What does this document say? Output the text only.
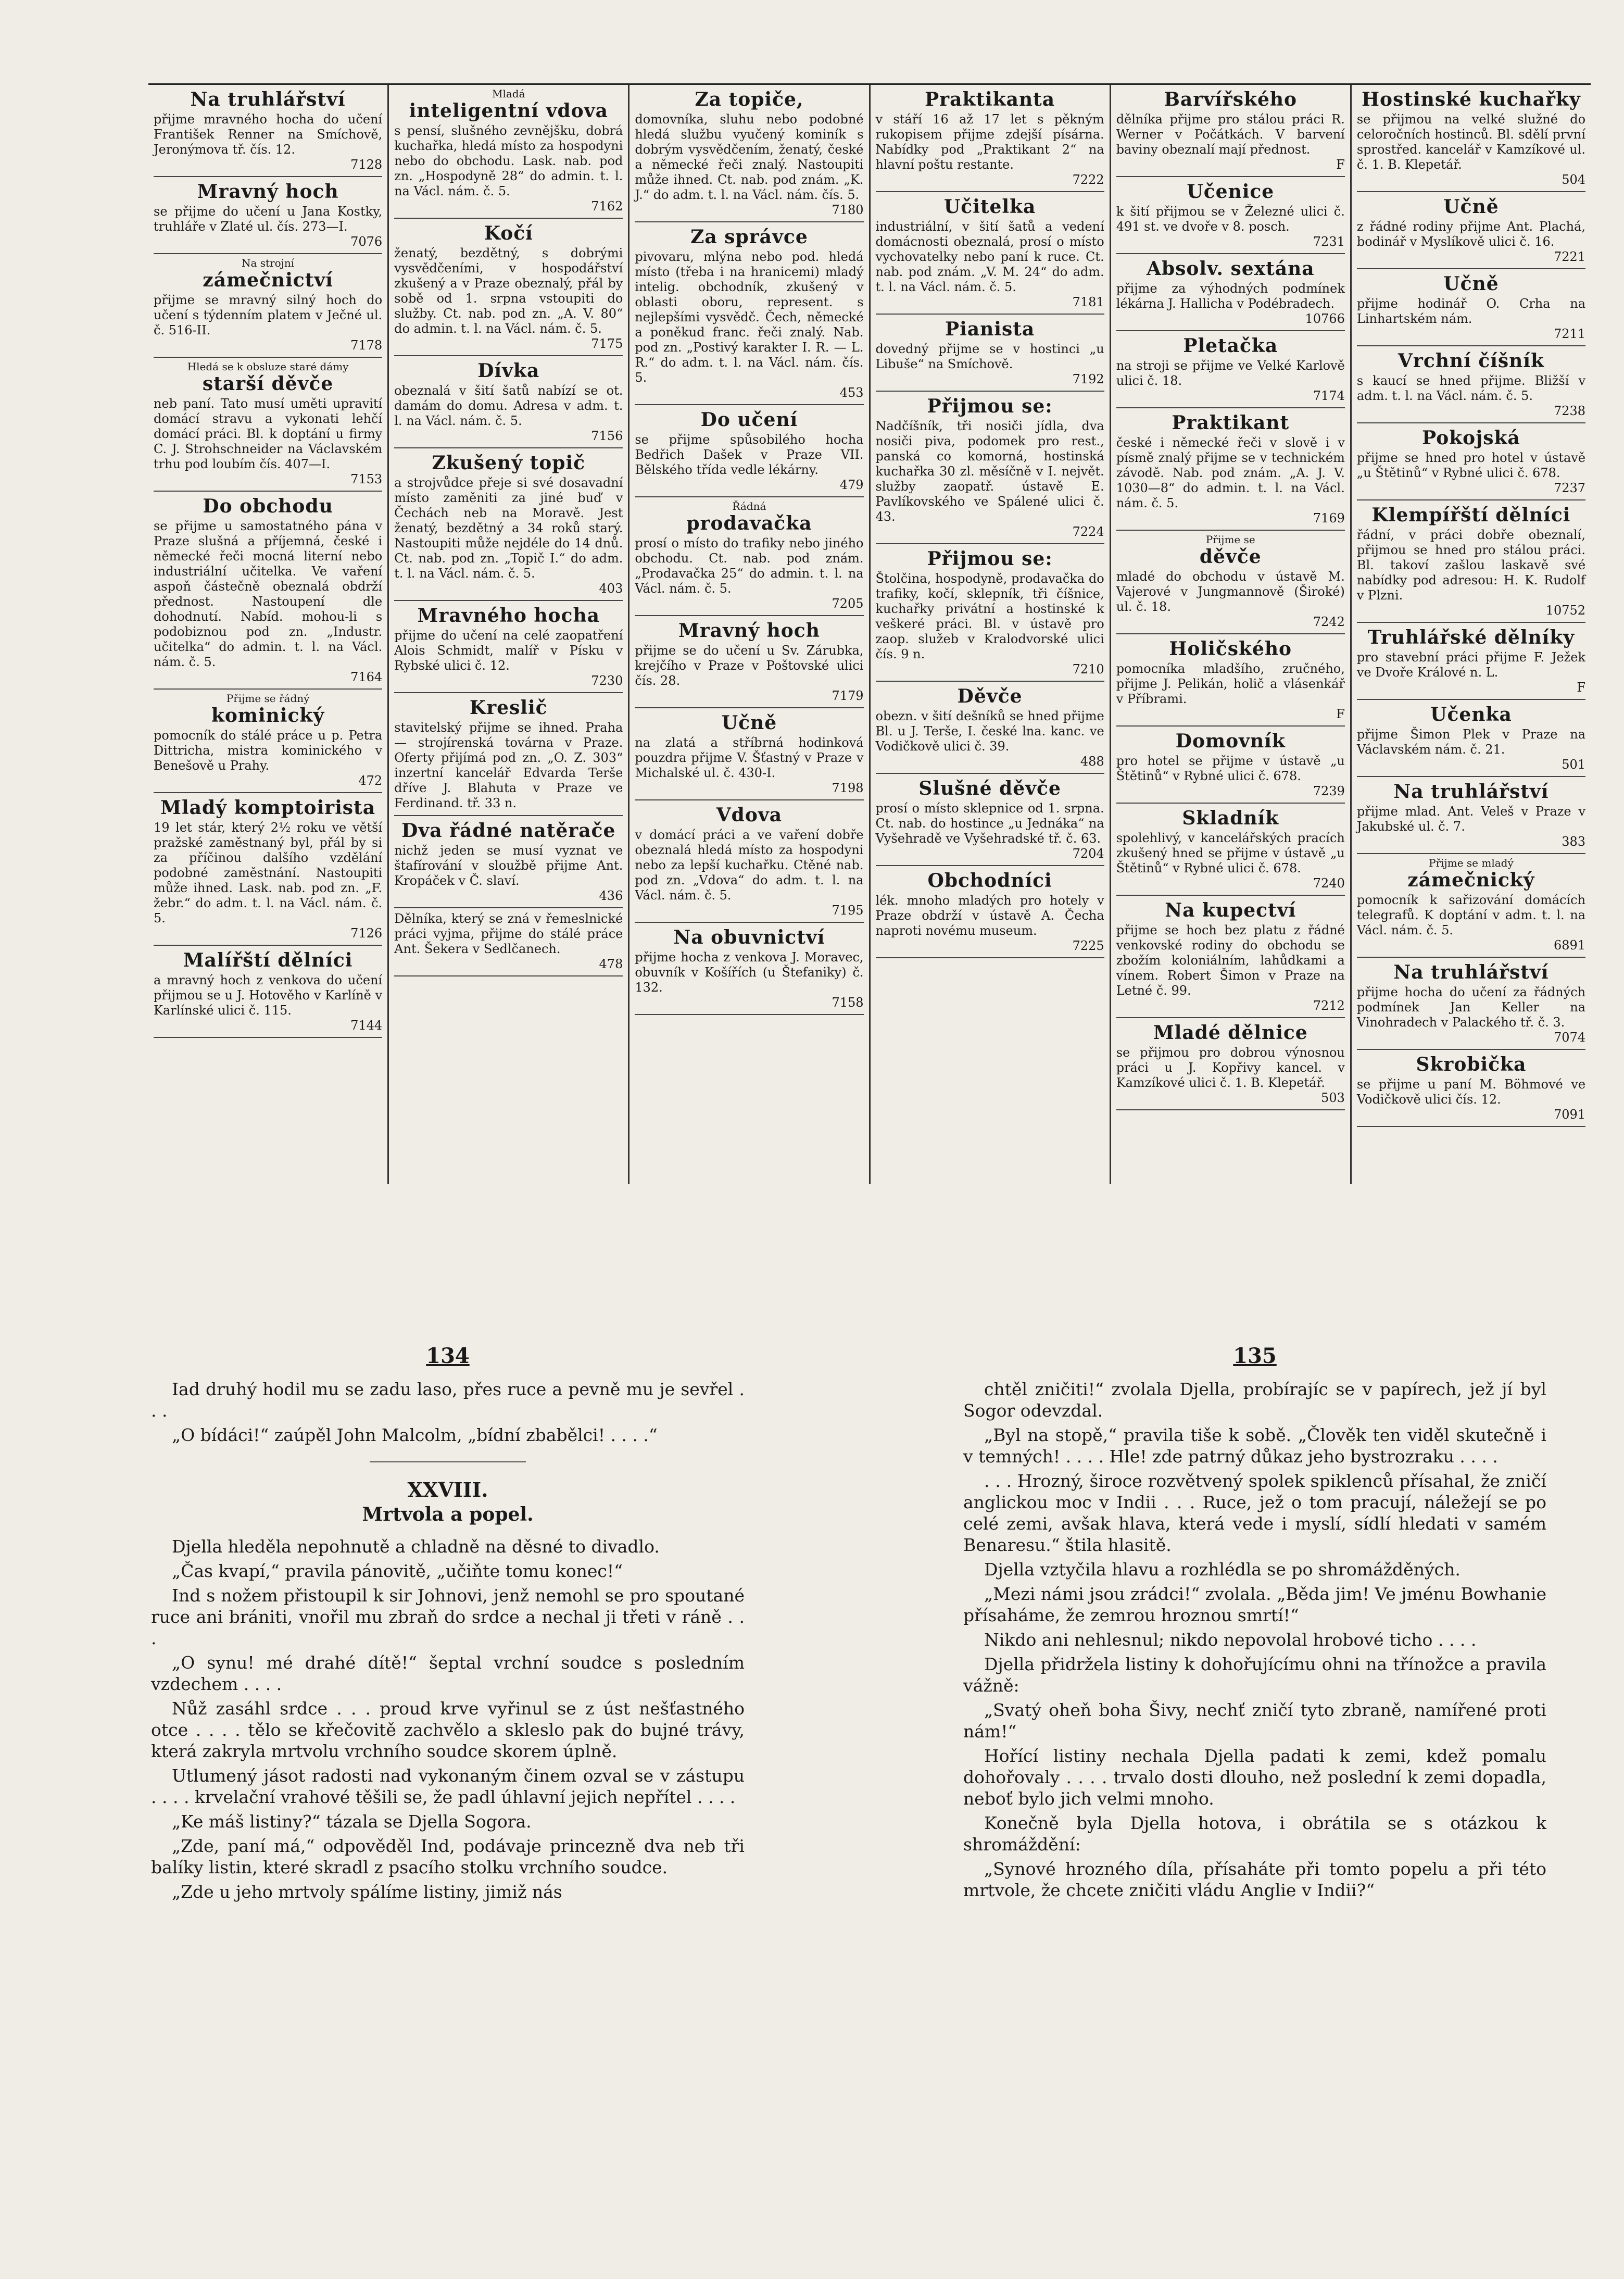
Na truhlářství

přijme mravného hocha do učení František Renner na Smíchově, Jeronýmova tř. čís. 12.

7128
Mravný hoch

se přijme do učení u Jana Kostky, truhláře v Zlaté ul. čís. 273—I.

7076
Na strojní
zámečnictví

přijme se mravný silný hoch do učení s týdenním platem v Ječné ul. č. 516-II.

7178
Hledá se k obsluze staré dámy
starší děvče

neb paní. Tato musí uměti upravití domácí stravu a vykonati lehčí domácí práci. Bl. k doptání u firmy C. J. Strohschneider na Václavském trhu pod loubím čís. 407—I.

7153
Do obchodu

se přijme u samostatného pána v Praze slušná a příjemná, české i německé řeči mocná literní nebo industriální učitelka. Ve vaření aspoň částečně obeznalá obdrží přednost. Nastoupení dle dohodnutí. Nabíd. mohou-li s podobiznou pod zn. „Industr. učitelka“ do admin. t. l. na Václ. nám. č. 5.

7164
Přijme se řádný
kominický

pomocník do stálé práce u p. Petra Dittricha, mistra kominického v Benešově u Prahy.

472
Mladý komptoirista

19 let stár, který 2½ roku ve větší pražské zaměstnaný byl, přál by si za příčinou dalšího vzdělání podobné zaměstnání. Nastoupiti může ihned. Lask. nab. pod zn. „F. žebr.“ do adm. t. l. na Václ. nám. č. 5.

7126
Malířští dělníci

a mravný hoch z venkova do učení přijmou se u J. Hotověho v Karlíně v Karlínské ulici č. 115.

7144
Mladá
inteligentní vdova

s pensí, slušného zevnějšku, dobrá kuchařka, hledá místo za hospodyni nebo do obchodu. Lask. nab. pod zn. „Hospodyně 28“ do admin. t. l. na Václ. nám. č. 5.

7162
Kočí

ženatý, bezdětný, s dobrými vysvědčeními, v hospodářství zkušený a v Praze obeznalý, přál by sobě od 1. srpna vstoupiti do služby. Ct. nab. pod zn. „A. V. 80“ do admin. t. l. na Václ. nám. č. 5.

7175
Dívka

obeznalá v šití šatů nabízí se ot. damám do domu. Adresa v adm. t. l. na Václ. nám. č. 5.

7156
Zkušený topič

a strojvůdce přeje si své dosavadní místo zaměniti za jiné buď v Čechách neb na Moravě. Jest ženatý, bezdětný a 34 roků starý. Nastoupiti může nejdéle do 14 dnů. Ct. nab. pod zn. „Topič I.“ do adm. t. l. na Václ. nám. č. 5.

403
Mravného hocha

přijme do učení na celé zaopatření Alois Schmidt, malíř v Písku v Rybské ulici č. 12.

7230
Kreslič

stavitelský přijme se ihned. Praha — strojírenská továrna v Praze. Oferty přijímá pod zn. „O. Z. 303“ inzertní kancelář Edvarda Terše dříve J. Blahuta v Praze ve Ferdinand. tř. 33 n.

Dva řádné natěrače

nichž jeden se musí vyznat ve štafírování v sloužbě přijme Ant. Kropáček v Č. slaví.

436

Dělníka, který se zná v řemeslnické práci vyjma, přijme do stálé práce Ant. Šekera v Sedlčanech.

478
Za topiče,

domovníka, sluhu nebo podobné hledá službu vyučený kominík s dobrým vysvědčením, ženatý, české a německé řeči znalý. Nastoupiti může ihned. Ct. nab. pod znám. „K. J.“ do adm. t. l. na Václ. nám. čís. 5.

7180
Za správce

pivovaru, mlýna nebo pod. hledá místo (třeba i na hranicemi) mladý intelig. obchodník, zkušený v oblasti oboru, represent. s nejlepšími vysvědč. Čech, německé a poněkud franc. řeči znalý. Nab. pod zn. „Postivý karakter I. R. — L. R.“ do adm. t. l. na Václ. nám. čís. 5.

453
Do učení

se přijme spůsobilého hocha Bedřich Dašek v Praze VII. Bělského třída vedle lékárny.

479
Řádná
prodavačka

prosí o místo do trafiky nebo jiného obchodu. Ct. nab. pod znám. „Prodavačka 25“ do admin. t. l. na Václ. nám. č. 5.

7205
Mravný hoch

přijme se do učení u Sv. Zárubka, krejčího v Praze v Poštovské ulici čís. 28.

7179
Učně

na zlatá a stříbrná hodinková pouzdra přijme V. Šťastný v Praze v Michalské ul. č. 430-I.

7198
Vdova

v domácí práci a ve vaření dobře obeznalá hledá místo za hospodyni nebo za lepší kuchařku. Ctěné nab. pod zn. „Vdova“ do adm. t. l. na Václ. nám. č. 5.

7195
Na obuvnictví

přijme hocha z venkova J. Moravec, obuvník v Košířích (u Štefaniky) č. 132.

7158
Praktikanta

v stáří 16 až 17 let s pěkným rukopisem přijme zdejší písárna. Nabídky pod „Praktikant 2“ na hlavní poštu restante.

7222
Učitelka

industriální, v šití šatů a vedení domácnosti obeznalá, prosí o místo vychovatelky nebo paní k ruce. Ct. nab. pod znám. „V. M. 24“ do adm. t. l. na Václ. nám. č. 5.

7181
Pianista

dovedný přijme se v hostinci „u Libuše“ na Smíchově.

7192
Přijmou se:

Nadčíšník, tři nosiči jídla, dva nosiči piva, podomek pro rest., panská co komorná, hostinská kuchařka 30 zl. měsíčně v I. největ. služby zaopatř. ústavě E. Pavlíkovského ve Spálené ulici č. 43.

7224
Přijmou se:

Štolčina, hospodyně, prodavačka do trafiky, kočí, sklepník, tři číšnice, kuchařky privátní a hostinské k veškeré práci. Bl. v ústavě pro zaop. služeb v Kralodvorské ulici čís. 9 n.

7210
Děvče

obezn. v šití dešníků se hned přijme Bl. u J. Terše, I. české lna. kanc. ve Vodičkově ulici č. 39.

488
Slušné děvče

prosí o místo sklepnice od 1. srpna. Ct. nab. do hostince „u Jednáka“ na Vyšehradě ve Vyšehradské tř. č. 63.

7204
Obchodníci

lék. mnoho mladých pro hotely v Praze obdrží v ústavě A. Čecha naproti novému museum.

7225
Barvířského

dělníka přijme pro stálou práci R. Werner v Počátkách. V barvení baviny obeznalí mají přednost.

F
Učenice

k šití přijmou se v Železné ulici č. 491 st. ve dvoře v 8. posch.

7231
Absolv. sextána

přijme za výhodných podmínek lékárna J. Hallicha v Podébradech.

10766
Pletačka

na stroji se přijme ve Velké Karlově ulici č. 18.

7174
Praktikant

české i německé řeči v slově i v písmě znalý přijme se v technickém závodě. Nab. pod znám. „A. J. V. 1030—8“ do admin. t. l. na Václ. nám. č. 5.

7169
Přijme se
děvče

mladé do obchodu v ústavě M. Vajerové v Jungmannově (Široké) ul. č. 18.

7242
Holičského

pomocníka mladšího, zručného, přijme J. Pelikán, holič a vlásenkář v Příbrami.

F
Domovník

pro hotel se přijme v ústavě „u Štětinů“ v Rybné ulici č. 678.

7239
Skladník

spolehlivý, v kancelářských pracích zkušený hned se přijme v ústavě „u Štětinů“ v Rybné ulici č. 678.

7240
Na kupectví

přijme se hoch bez platu z řádné venkovské rodiny do obchodu se zbožím koloniálním, lahůdkami a vínem. Robert Šimon v Praze na Letné č. 99.

7212
Mladé dělnice

se přijmou pro dobrou výnosnou práci u J. Kopřivy kancel. v Kamzíkové ulici č. 1. B. Klepetář.

503
Hostinské kuchařky

se přijmou na velké služné do celoročních hostinců. Bl. sdělí první sprostřed. kancelář v Kamzíkové ul. č. 1. B. Klepetář.

504
Učně

z řádné rodiny přijme Ant. Plachá, bodinář v Myslíkově ulici č. 16.

7221
Učně

přijme hodinář O. Crha na Linhartském nám.

7211
Vrchní číšník

s kaucí se hned přijme. Bližší v adm. t. l. na Václ. nám. č. 5.

7238
Pokojská

přijme se hned pro hotel v ústavě „u Štětinů“ v Rybné ulici č. 678.

7237
Klempířští dělníci

řádní, v práci dobře obeznalí, přijmou se hned pro stálou práci. Bl. takoví zašlou laskavě své nabídky pod adresou: H. K. Rudolf v Plzni.

10752
Truhlářské dělníky

pro stavební práci přijme F. Ježek ve Dvoře Králové n. L.

F
Učenka

přijme Šimon Plek v Praze na Václavském nám. č. 21.

501
Na truhlářství

přijme mlad. Ant. Veleš v Praze v Jakubské ul. č. 7.

383
Přijme se mladý
zámečnický

pomocník k sařizování domácích telegrafů. K doptání v adm. t. l. na Václ. nám. č. 5.

6891
Na truhlářství

přijme hocha do učení za řádných podmínek Jan Keller na Vinohradech v Palackého tř. č. 3.

7074
Skrobička

se přijme u paní M. Böhmové ve Vodičkově ulici čís. 12.

7091
134

Iad druhý hodil mu se zadu laso, přes ruce a pevně mu je sevřel . . .

„O bídáci!“ zaúpěl John Malcolm, „bídní zbabělci! . . . .“

XXVIII.
Mrtvola a popel.

Djella hleděla nepohnutě a chladně na děsné to divadlo.

„Čas kvapí,“ pravila pánovitě, „učiňte tomu konec!“

Ind s nožem přistoupil k sir Johnovi, jenž nemohl se pro spoutané ruce ani brániti, vnořil mu zbraň do srdce a nechal ji třeti v ráně . . .

„O synu! mé drahé dítě!“ šeptal vrchní soudce s posledním vzdechem . . . .

Nůž zasáhl srdce . . . proud krve vyřinul se z úst nešťastného otce . . . . tělo se křečovitě zachvělo a skleslo pak do bujné trávy, která zakryla mrtvolu vrchního soudce skorem úplně.

Utlumený jásot radosti nad vykonaným činem ozval se v zástupu . . . . krvelační vrahové těšili se, že padl úhlavní jejich nepřítel . . . .

„Ke máš listiny?“ tázala se Djella Sogora.

„Zde, paní má,“ odpověděl Ind, podávaje princezně dva neb tři balíky listin, které skradl z psacího stolku vrchního soudce.

„Zde u jeho mrtvoly spálíme listiny, jimiž nás

135

chtěl zničiti!“ zvolala Djella, probírajíc se v papírech, jež jí byl Sogor odevzdal.

„Byl na stopě,“ pravila tiše k sobě. „Člověk ten viděl skutečně i v temných! . . . . Hle! zde patrný důkaz jeho bystrozraku . . . .

. . . Hrozný, široce rozvětvený spolek spiklenců přísahal, že zničí anglickou moc v Indii . . . Ruce, jež o tom pracují, náležejí se po celé zemi, avšak hlava, která vede i myslí, sídlí hledati v samém Benaresu.“ štila hlasitě.

Djella vztyčila hlavu a rozhlédla se po shromážděných.

„Mezi námi jsou zrádci!“ zvolala. „Běda jim! Ve jménu Bowhanie přísaháme, že zemrou hroznou smrtí!“

Nikdo ani nehlesnul; nikdo nepovolal hrobové ticho . . . .

Djella přidržela listiny k dohořujícímu ohni na třínožce a pravila vážně:

„Svatý oheň boha Šivy, nechť zničí tyto zbraně, namířené proti nám!“

Hořící listiny nechala Djella padati k zemi, kdež pomalu dohořovaly . . . . trvalo dosti dlouho, než poslední k zemi dopadla, neboť bylo jich velmi mnoho.

Konečně byla Djella hotova, i obrátila se s otázkou k shromáždění:

„Synové hrozného díla, přísaháte při tomto popelu a při této mrtvole, že chcete zničiti vládu Anglie v Indii?“
